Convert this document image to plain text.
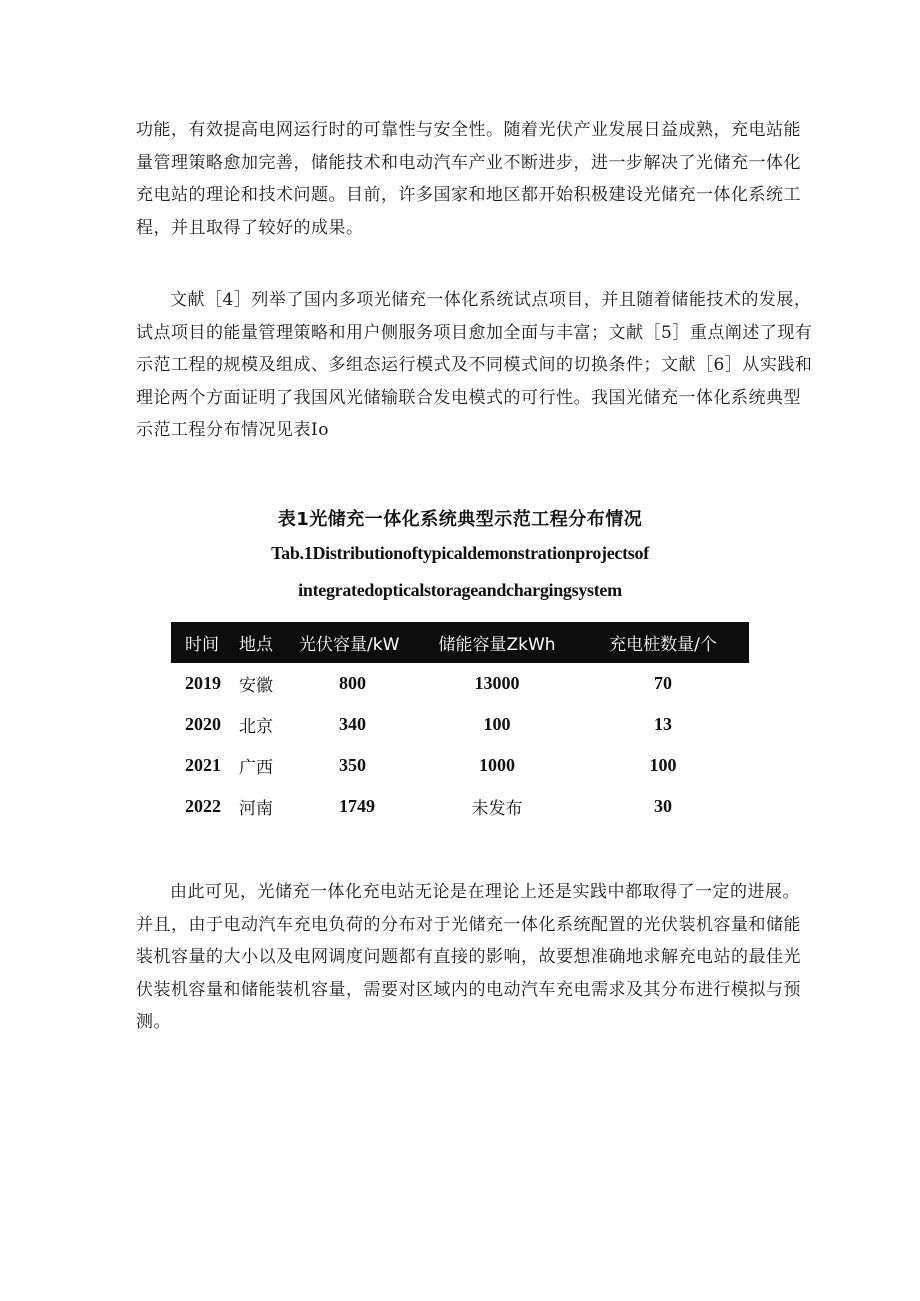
功能，有效提高电网运行时的可靠性与安全性。随着光伏产业发展日益成熟，充电站能
量管理策略愈加完善，储能技术和电动汽车产业不断进步，进一步解决了光储充一体化
充电站的理论和技术问题。目前，许多国家和地区都开始积极建设光储充一体化系统工
程，并且取得了较好的成果。

文献［4］列举了国内多项光储充一体化系统试点项目，并且随着储能技术的发展，
试点项目的能量管理策略和用户侧服务项目愈加全面与丰富；文献［5］重点阐述了现有
示范工程的规模及组成、多组态运行模式及不同模式间的切换条件；文献［6］从实践和
理论两个方面证明了我国风光储输联合发电模式的可行性。我国光储充一体化系统典型
示范工程分布情况见表Io

表1光储充一体化系统典型示范工程分布情况
Tab.1Distributionoftypicaldemonstrationprojectsof
integratedopticalstorageandchargingsystem
时间	地点	光伏容量/kW	储能容量ZkWh	充电桩数量/个
2019	安徽	800	13000	70
2020	北京	340	100	13
2021	广西	350	1000	100
2022	河南	1749	未发布	30

由此可见，光储充一体化充电站无论是在理论上还是实践中都取得了一定的进展。
并且，由于电动汽车充电负荷的分布对于光储充一体化系统配置的光伏装机容量和储能
装机容量的大小以及电网调度问题都有直接的影响，故要想准确地求解充电站的最佳光
伏装机容量和储能装机容量，需要对区域内的电动汽车充电需求及其分布进行模拟与预
测。
